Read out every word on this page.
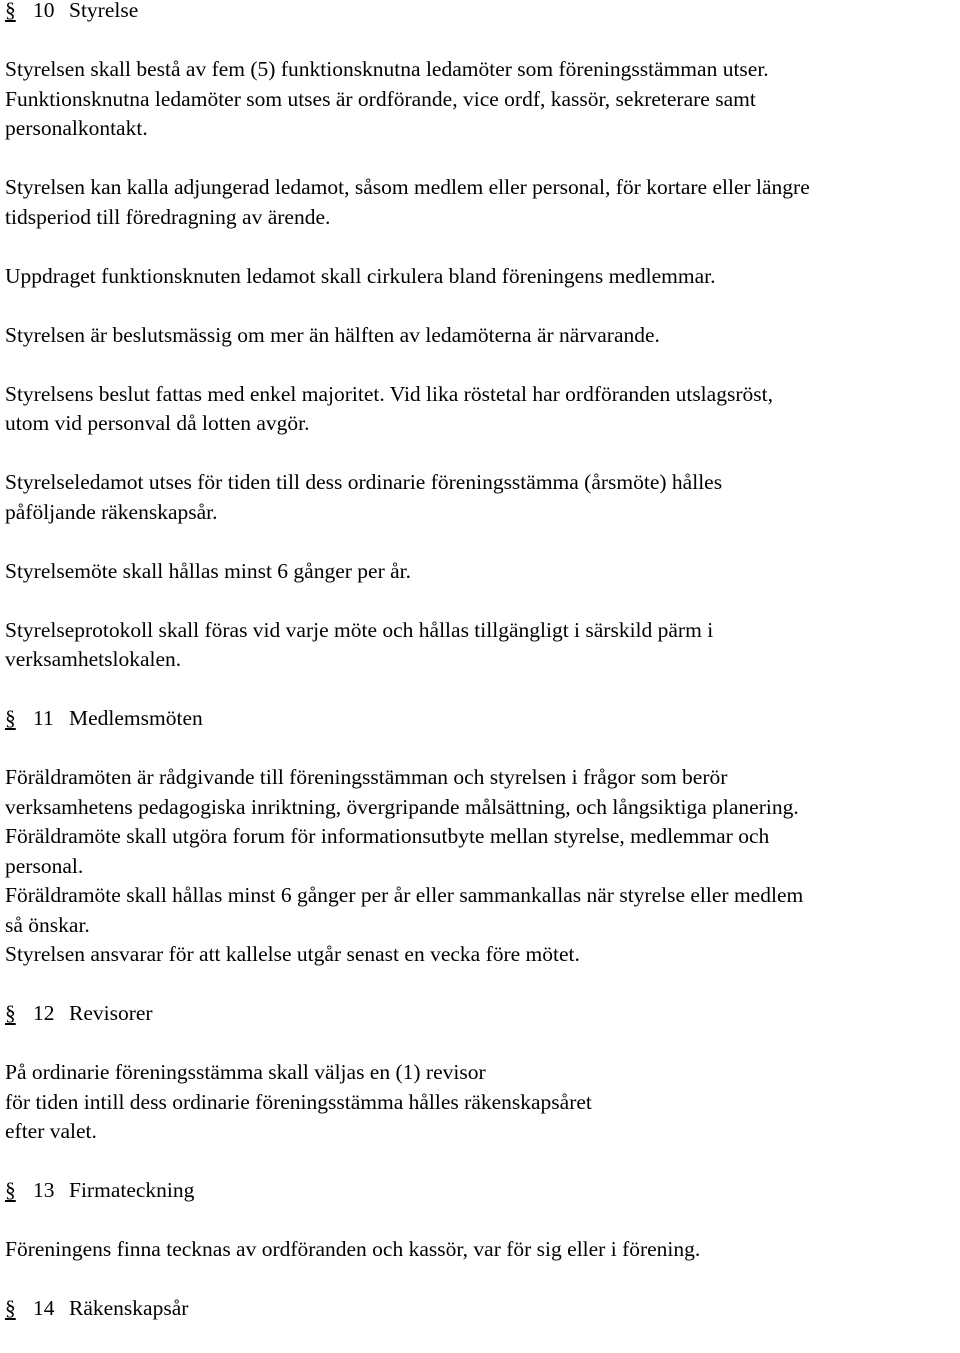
§ 10 Styrelse
Styrelsen skall bestå av fem (5) funktionsknutna ledamöter som föreningsstämman utser.
Funktionsknutna ledamöter som utses är ordförande, vice ordf, kassör, sekreterare samt
personalkontakt.
Styrelsen kan kalla adjungerad ledamot, såsom medlem eller personal, för kortare eller längre
tidsperiod till föredragning av ärende.
Uppdraget funktionsknuten ledamot skall cirkulera bland föreningens medlemmar.
Styrelsen är beslutsmässig om mer än hälften av ledamöterna är närvarande.
Styrelsens beslut fattas med enkel majoritet. Vid lika röstetal har ordföranden utslagsröst,
utom vid personval då lotten avgör.
Styrelseledamot utses för tiden till dess ordinarie föreningsstämma (årsmöte) hålles
påföljande räkenskapsår.
Styrelsemöte skall hållas minst 6 gånger per år.
Styrelseprotokoll skall föras vid varje möte och hållas tillgängligt i särskild pärm i
verksamhetslokalen.
§ 11 Medlemsmöten
Föräldramöten är rådgivande till föreningsstämman och styrelsen i frågor som berör
verksamhetens pedagogiska inriktning, övergripande målsättning, och långsiktiga planering.
Föräldramöte skall utgöra forum för informationsutbyte mellan styrelse, medlemmar och
personal.
Föräldramöte skall hållas minst 6 gånger per år eller sammankallas när styrelse eller medlem
så önskar.
Styrelsen ansvarar för att kallelse utgår senast en vecka före mötet.
§ 12 Revisorer
På ordinarie föreningsstämma skall väljas en (1) revisor
för tiden intill dess ordinarie föreningsstämma hålles räkenskapsåret
efter valet.
§ 13 Firmateckning
Föreningens finna tecknas av ordföranden och kassör, var för sig eller i förening.
§ 14 Räkenskapsår
